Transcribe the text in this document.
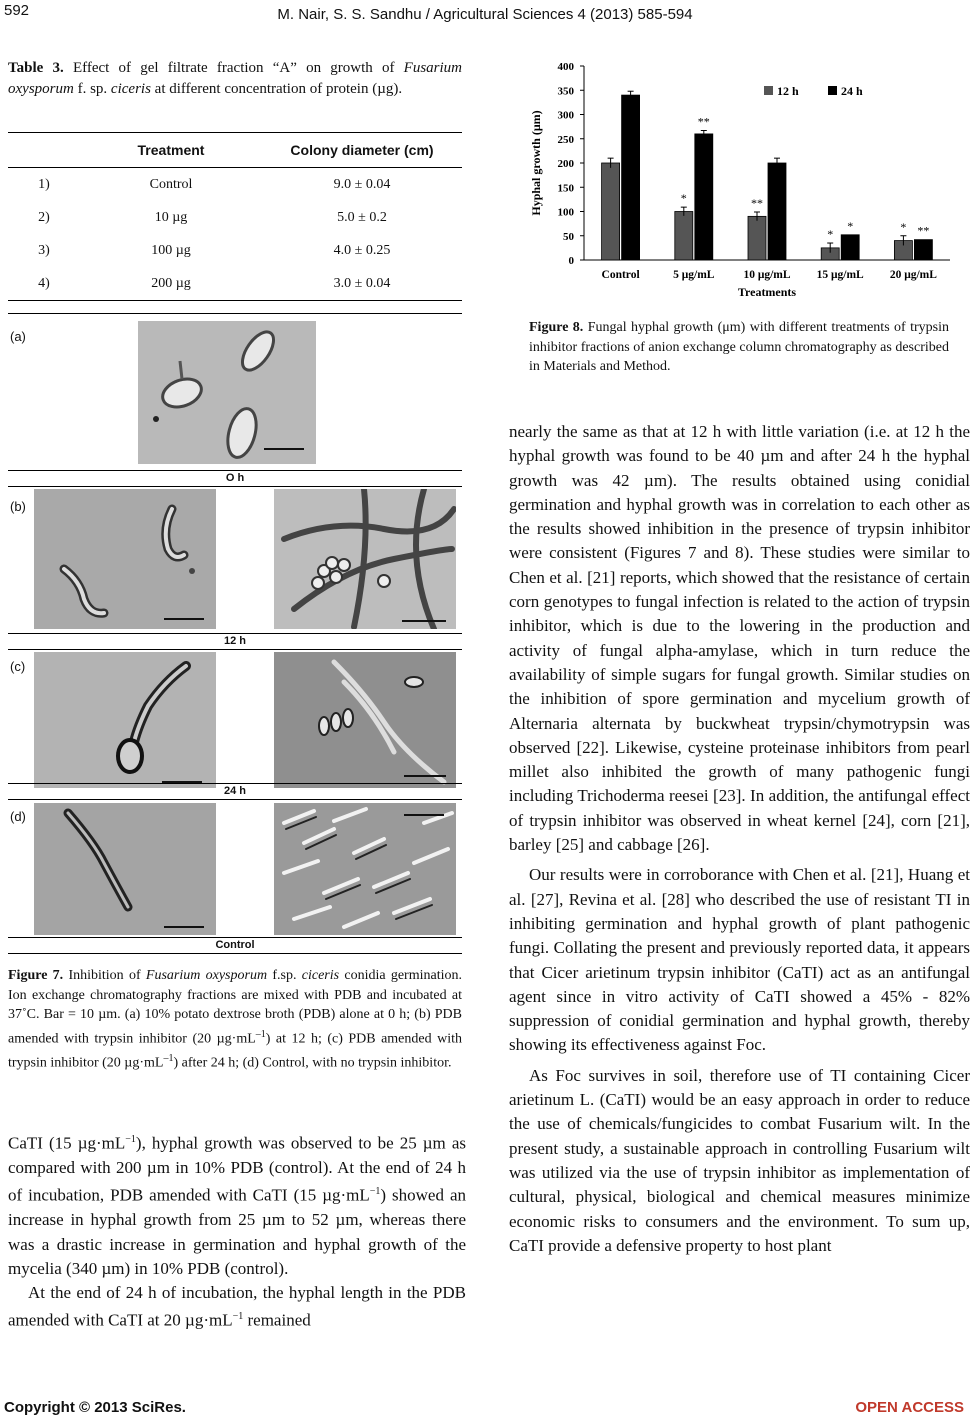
592	M. Nair, S. S. Sandhu / Agricultural Sciences 4 (2013) 585-594
Table 3. Effect of gel filtrate fraction “A” on growth of Fusarium oxysporum f. sp. ciceris at different concentration of protein (µg).
	Treatment	Colony diameter (cm)
1)	Control	9.0 ± 0.04
2)	10 µg	5.0 ± 0.2
3)	100 µg	4.0 ± 0.25
4)	200 µg	3.0 ± 0.04
(a)
O h
(b)
12 h
(c)
24 h
(d)
Control
Figure 7. Inhibition of Fusarium oxysporum f.sp. ciceris conidia germination. Ion exchange chromatography fractions are mixed with PDB and incubated at 37˚C. Bar = 10 µm. (a) 10% potato dextrose broth (PDB) alone at 0 h; (b) PDB amended with trypsin inhibitor (20 $\mu g\cdot mL^{-1}$) at 12 h; (c) PDB amended with trypsin inhibitor (20 $\mu g\cdot mL^{-1}$) after 24 h; (d) Control, with no trypsin inhibitor.

CaTI (15 $\mu g\cdot mL^{-1}$), hyphal growth was observed to be 25 µm as compared with 200 µm in 10% PDB (control). At the end of 24 h of incubation, PDB amended with CaTI (15 $\mu g\cdot mL^{-1}$) showed an increase in hyphal growth from 25 µm to 52 µm, whereas there was a drastic increase in germination and hyphal growth of the mycelia (340 µm) in 10% PDB (control).

At the end of 24 h of incubation, the hyphal length in the PDB amended with CaTI at 20 $\mu g\cdot mL^{-1}$ remained

0
50
100
150
200
250
300
350
400
Control
*
**
5 μg/mL
**
10 μg/mL
*
*
15 μg/mL
* **
20 μg/mL
Treatments
Hyphal growth (μm)
12 h	24 h
Figure 8. Fungal hyphal growth (μm) with different treatments of trypsin inhibitor fractions of anion exchange column chromatography as described in Materials and Method.

nearly the same as that at 12 h with little variation (i.e. at 12 h the hyphal growth was found to be 40 µm and after 24 h the hyphal growth was 42 µm). The results obtained using conidial germination and hyphal growth was in correlation to each other as the results showed inhibition in the presence of trypsin inhibitor were consistent (Figures 7 and 8). These studies were similar to Chen et al. [21] reports, which showed that the resistance of certain corn genotypes to fungal infection is related to the action of trypsin inhibitor, which is due to the lowering in the production and activity of fungal alpha-amylase, which in turn reduce the availability of simple sugars for fungal growth. Similar studies on the inhibition of spore germination and mycelium growth of Alternaria alternata by buckwheat trypsin/chymotrypsin was observed [22]. Likewise, cysteine proteinase inhibitors from pearl millet also inhibited the growth of many pathogenic fungi including Trichoderma reesei [23]. In addition, the antifungal effect of trypsin inhibitor was observed in wheat kernel [24], corn [21], barley [25] and cabbage [26].

Our results were in corroborance with Chen et al. [21], Huang et al. [27], Revina et al. [28] who described the use of resistant TI in inhibiting germination and hyphal growth of plant pathogenic fungi. Collating the present and previously reported data, it appears that Cicer arietinum trypsin inhibitor (CaTI) act as an antifungal agent since in vitro activity of CaTI showed a 45% - 82% suppression of conidial germination and hyphal growth, thereby showing its effectiveness against Foc.

As Foc survives in soil, therefore use of TI containing Cicer arietinum L. (CaTI) would be an easy approach in order to reduce the use of chemicals/fungicides to combat Fusarium wilt. In the present study, a sustainable approach in controlling Fusarium wilt was utilized via the use of trypsin inhibitor as implementation of cultural, physical, biological and chemical measures minimize economic risks to consumers and the environment. To sum up, CaTI provide a defensive property to host plant

Copyright © 2013 SciRes.	OPEN ACCESS
